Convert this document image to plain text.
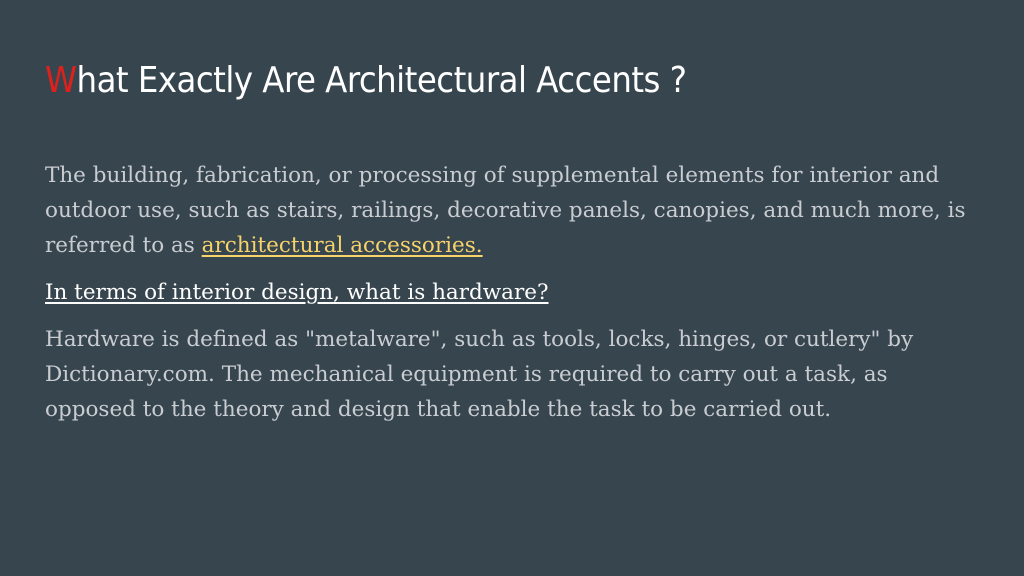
What Exactly Are Architectural Accents ?

The building, fabrication, or processing of supplemental elements for interior and outdoor use, such as stairs, railings, decorative panels, canopies, and much more, is referred to as architectural accessories.

In terms of interior design, what is hardware?

Hardware is defined as "metalware", such as tools, locks, hinges, or cutlery" by Dictionary.com. The mechanical equipment is required to carry out a task, as opposed to the theory and design that enable the task to be carried out.
